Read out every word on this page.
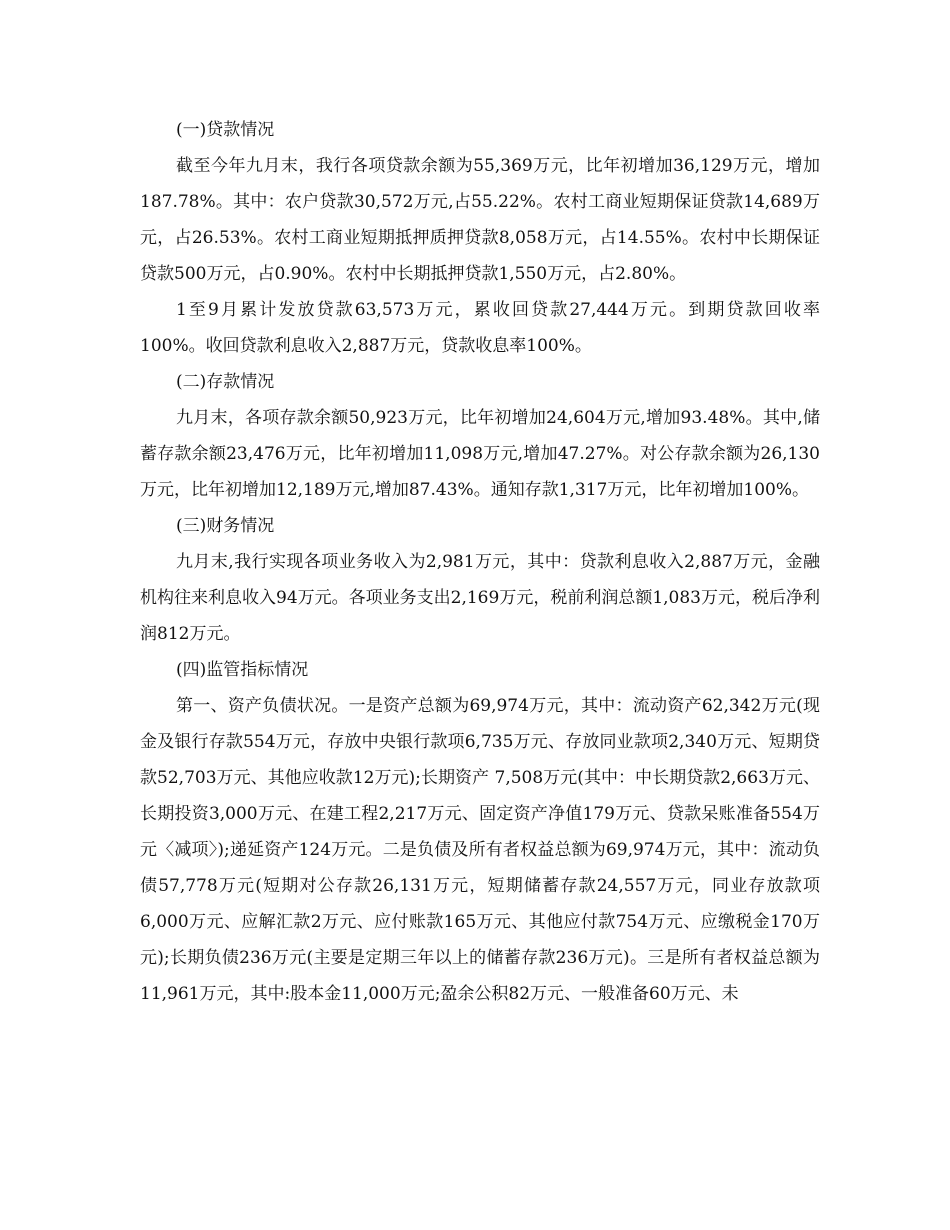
(一)贷款情况

截至今年九月末，我行各项贷款余额为55,369万元，比年初增加36,129万元，增加187.78%。其中：农户贷款30,572万元,占55.22%。农村工商业短期保证贷款14,689万元，占26.53%。农村工商业短期抵押质押贷款8,058万元，占14.55%。农村中长期保证贷款500万元，占0.90%。农村中长期抵押贷款1,550万元，占2.80%。

1至9月累计发放贷款63,573万元，累收回贷款27,444万元。到期贷款回收率100%。收回贷款利息收入2,887万元，贷款收息率100%。

(二)存款情况

九月末，各项存款余额50,923万元，比年初增加24,604万元,增加93.48%。其中,储蓄存款余额23,476万元，比年初增加11,098万元,增加47.27%。对公存款余额为26,130万元，比年初增加12,189万元,增加87.43%。通知存款1,317万元，比年初增加100%。

(三)财务情况

九月末,我行实现各项业务收入为2,981万元，其中：贷款利息收入2,887万元，金融机构往来利息收入94万元。各项业务支出2,169万元，税前利润总额1,083万元，税后净利润812万元。

(四)监管指标情况

第一、资产负债状况。一是资产总额为69,974万元，其中：流动资产62,342万元(现金及银行存款554万元，存放中央银行款项6,735万元、存放同业款项2,340万元、短期贷款52,703万元、其他应收款12万元);长期资产 7,508万元(其中：中长期贷款2,663万元、长期投资3,000万元、在建工程2,217万元、固定资产净值179万元、贷款呆账准备554万元〈减项〉);递延资产124万元。二是负债及所有者权益总额为69,974万元，其中：流动负债57,778万元(短期对公存款26,131万元，短期储蓄存款24,557万元，同业存放款项6,000万元、应解汇款2万元、应付账款165万元、其他应付款754万元、应缴税金170万元);长期负债236万元(主要是定期三年以上的储蓄存款236万元)。三是所有者权益总额为11,961万元，其中:股本金11,000万元;盈余公积82万元、一般准备60万元、未
